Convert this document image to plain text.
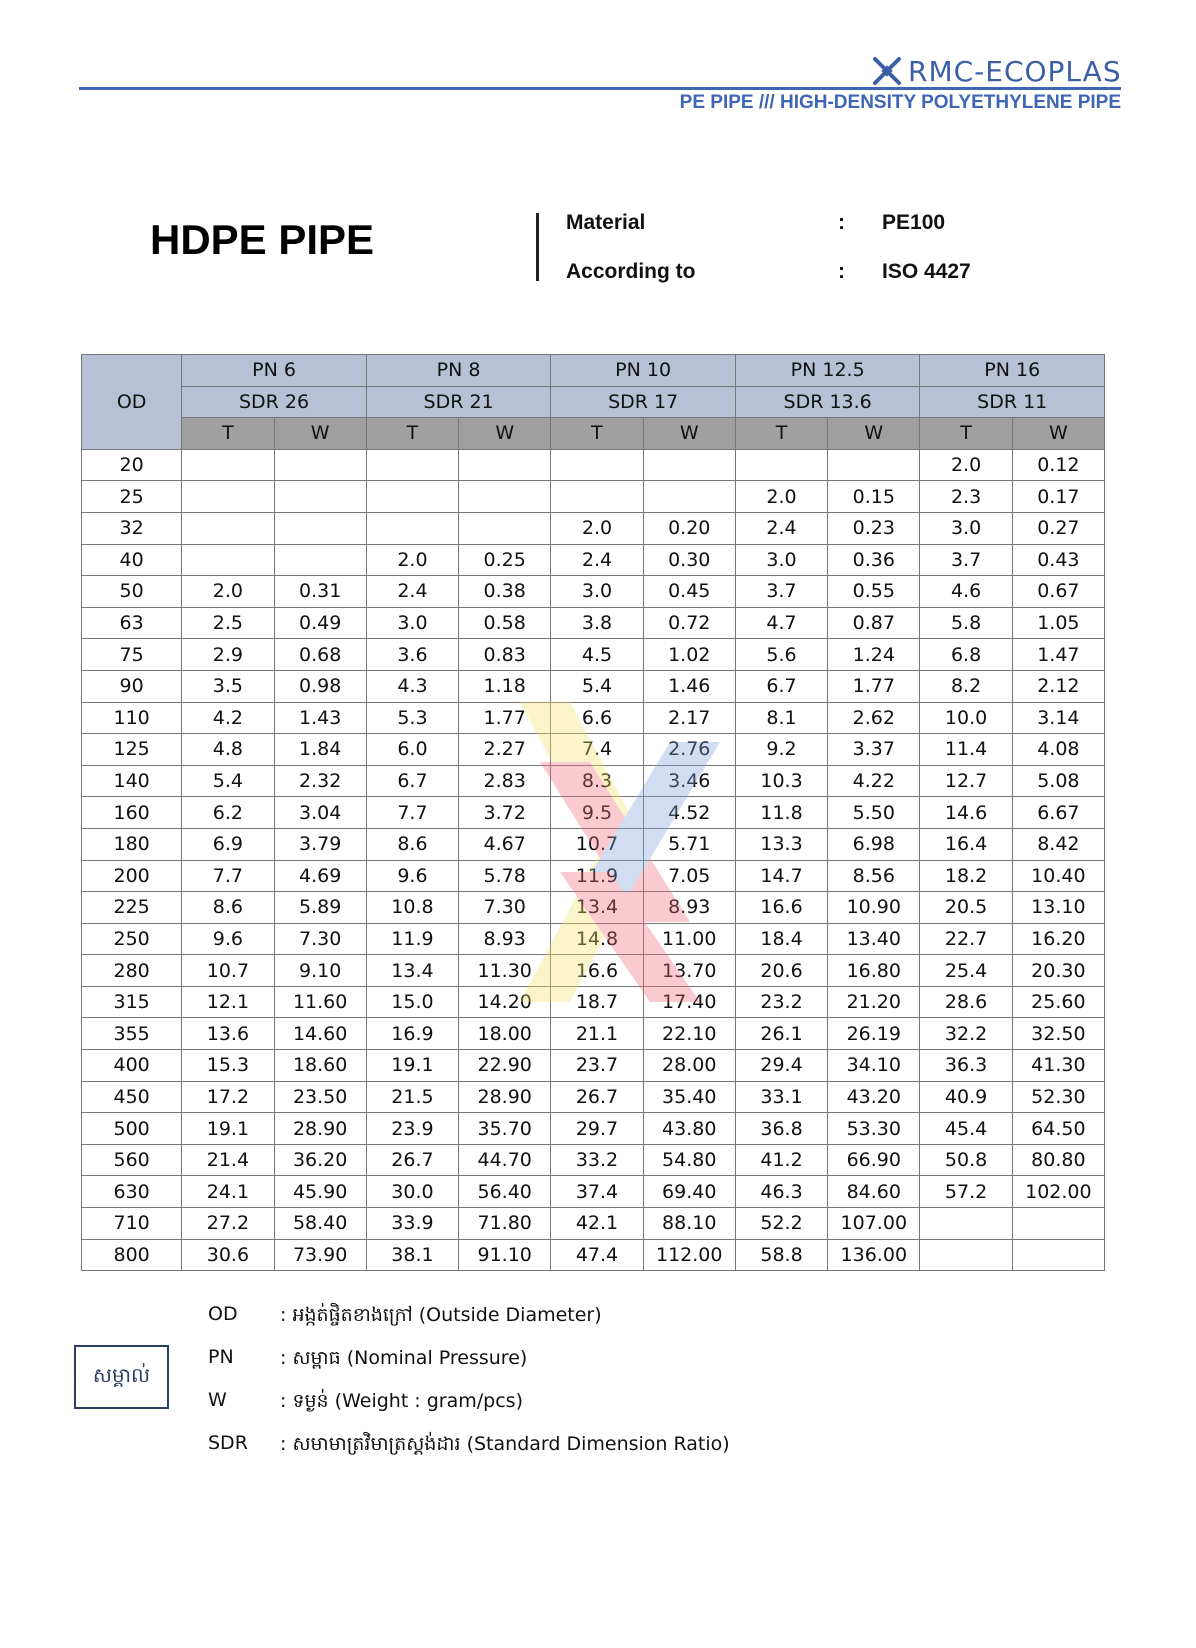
RMC-ECOPLAS
PE PIPE /// HIGH-DENSITY POLYETHYLENE PIPE
HDPE PIPE	Material	: PE100
According to	: ISO 4427
OD	PN 6		PN 8		PN 10		PN 12.5		PN 16	
	SDR 26		SDR 21		SDR 17		SDR 13.6		SDR 11	
	T	W	T	W	T	W	T	W	T	W
20									2.0	0.12
25							2.0	0.15	2.3	0.17
32					2.0	0.20	2.4	0.23	3.0	0.27
40			2.0	0.25	2.4	0.30	3.0	0.36	3.7	0.43
50	2.0	0.31	2.4	0.38	3.0	0.45	3.7	0.55	4.6	0.67
63	2.5	0.49	3.0	0.58	3.8	0.72	4.7	0.87	5.8	1.05
75	2.9	0.68	3.6	0.83	4.5	1.02	5.6	1.24	6.8	1.47
90	3.5	0.98	4.3	1.18	5.4	1.46	6.7	1.77	8.2	2.12
110	4.2	1.43	5.3	1.77	6.6	2.17	8.1	2.62	10.0	3.14
125	4.8	1.84	6.0	2.27	7.4	2.76	9.2	3.37	11.4	4.08
140	5.4	2.32	6.7	2.83	8.3	3.46	10.3	4.22	12.7	5.08
160	6.2	3.04	7.7	3.72	9.5	4.52	11.8	5.50	14.6	6.67
180	6.9	3.79	8.6	4.67	10.7	5.71	13.3	6.98	16.4	8.42
200	7.7	4.69	9.6	5.78	11.9	7.05	14.7	8.56	18.2	10.40
225	8.6	5.89	10.8	7.30	13.4	8.93	16.6	10.90	20.5	13.10
250	9.6	7.30	11.9	8.93	14.8	11.00	18.4	13.40	22.7	16.20
280	10.7	9.10	13.4	11.30	16.6	13.70	20.6	16.80	25.4	20.30
315	12.1	11.60	15.0	14.20	18.7	17.40	23.2	21.20	28.6	25.60
355	13.6	14.60	16.9	18.00	21.1	22.10	26.1	26.19	32.2	32.50
400	15.3	18.60	19.1	22.90	23.7	28.00	29.4	34.10	36.3	41.30
450	17.2	23.50	21.5	28.90	26.7	35.40	33.1	43.20	40.9	52.30
500	19.1	28.90	23.9	35.70	29.7	43.80	36.8	53.30	45.4	64.50
560	21.4	36.20	26.7	44.70	33.2	54.80	41.2	66.90	50.8	80.80
630	24.1	45.90	30.0	56.40	37.4	69.40	46.3	84.60	57.2	102.00
710	27.2	58.40	33.9	71.80	42.1	88.10	52.2	107.00		
800	30.6	73.90	38.1	91.10	47.4	112.00	58.8	136.00		
សម្គាល់
OD : អង្កត់ផ្ចិតខាងក្រៅ (Outside Diameter)
PN : សម្ពាធ (Nominal Pressure)
W	: ទម្ងន់ (Weight : gram/pcs)
SDR : សមាមាត្រវិមាត្រស្តង់ដារ (Standard Dimension Ratio)
